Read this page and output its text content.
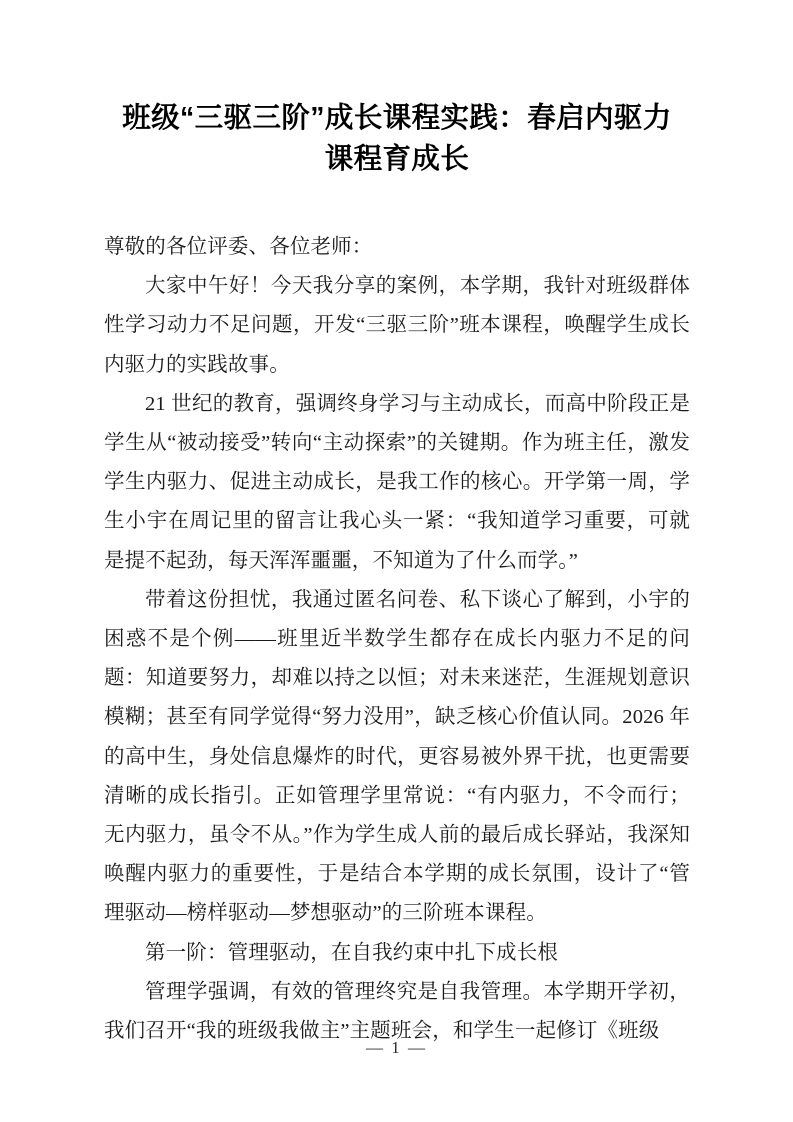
班级“三驱三阶”成长课程实践：春启内驱力课程育成长

尊敬的各位评委、各位老师：

大家中午好！今天我分享的案例，本学期，我针对班级群体性学习动力不足问题，开发“三驱三阶”班本课程，唤醒学生成长内驱力的实践故事。

21 世纪的教育，强调终身学习与主动成长，而高中阶段正是学生从“被动接受”转向“主动探索”的关键期。作为班主任，激发学生内驱力、促进主动成长，是我工作的核心。开学第一周，学生小宇在周记里的留言让我心头一紧：“我知道学习重要，可就是提不起劲，每天浑浑噩噩，不知道为了什么而学。”

带着这份担忧，我通过匿名问卷、私下谈心了解到，小宇的困惑不是个例——班里近半数学生都存在成长内驱力不足的问题：知道要努力，却难以持之以恒；对未来迷茫，生涯规划意识模糊；甚至有同学觉得“努力没用”，缺乏核心价值认同。2026 年的高中生，身处信息爆炸的时代，更容易被外界干扰，也更需要清晰的成长指引。正如管理学里常说：“有内驱力，不令而行；无内驱力，虽令不从。”作为学生成人前的最后成长驿站，我深知唤醒内驱力的重要性，于是结合本学期的成长氛围，设计了“管理驱动—榜样驱动—梦想驱动”的三阶班本课程。

第一阶：管理驱动，在自我约束中扎下成长根

管理学强调，有效的管理终究是自我管理。本学期开学初，我们召开“我的班级我做主”主题班会，和学生一起修订《班级

— 1 —
